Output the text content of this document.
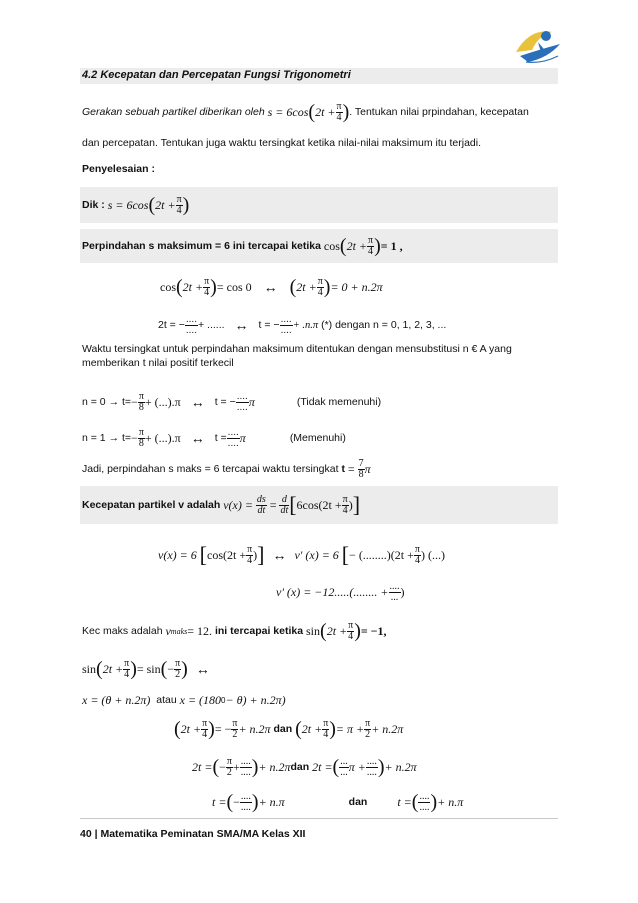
4.2 Kecepatan dan Percepatan Fungsi Trigonometri
Gerakan sebuah partikel diberikan oleh
s = 6cos ( $2t + \frac{\pi}{4}$ ) . Tentukan nilai prpindahan, kecepatan
dan percepatan. Tentukan juga waktu tersingkat ketika nilai-nilai maksimum itu terjadi.
Penyelesaian :
Dik :
s = 6cos ( $2t + \frac{\pi}{4}$ )
Perpindahan s maksimum = 6 ini tercapai ketika
cos ( $2t + \frac{\pi}{4}$ ) = 1 ,
cos ( $2t + \frac{\pi}{4}$ ) = cos 0 ↔ ( $2t + \frac{\pi}{4}$ ) = 0 + n.2π
2t = − ....
.... + ...... ↔ t = − ....
.... + .n.π
(*) dengan n = 0, 1, 2, 3, ...
Waktu tersingkat untuk perpindahan maksimum ditentukan dengan mensubstitusi n € A yang
memberikan t nilai positif terkecil
$n = 0 \to t= - \frac{\pi}{8} + (...).\pi$ ↔ t = − ....
.... π	(Tidak memenuhi)
$n = 1 \to t= - \frac{\pi}{8} + (...).\pi$ ↔ t = ....
.... π	(Memenuhi)
Jadi, perpindahan s maks = 6 tercapai waktu tersingkat
t
=
$\frac{7}{8}$ π
Kecepatan partikel v adalah
v(x) =
$\frac{ds}{dt}$
=
$\frac{d}{dt}$ [ $6\cos(2t + \frac{\pi}{4}$ ) ]
v(x) = 6
[ $\cos(2t + \frac{\pi}{4}$ ) ] ↔ v' (x) = 6
[ − $(........)(2t + \frac{\pi}{4}$ ) (...)
v' (x) = −12.....(........ + ....
... )
Kec maks adalah
v maks = 12.
ini tercapai ketika
sin ( $2t + \frac{\pi}{4}$ ) = −1,
sin ( $2t + \frac{\pi}{4}$ ) = sin ( − $\frac{\pi}{2}$ ) ↔
x = (θ + n.2π)
atau
x = (180 0 − θ) + n.2π)
( $2t + \frac{\pi}{4}$ ) = − $\frac{\pi}{2} + n.2\pi$
dan
( $2t + \frac{\pi}{4}$ ) = $\pi + \frac{\pi}{2} + n.2\pi$
2t = ( − $\frac{\pi}{2}$ + ....
.... ) + n.2π dan
2t = ( ...
... π + ....
.... ) + n.2π
t = ( − ....
.... ) + n.π	dan	t = ( ....
.... ) + n.π
40 | Matematika Peminatan SMA/MA Kelas XII
